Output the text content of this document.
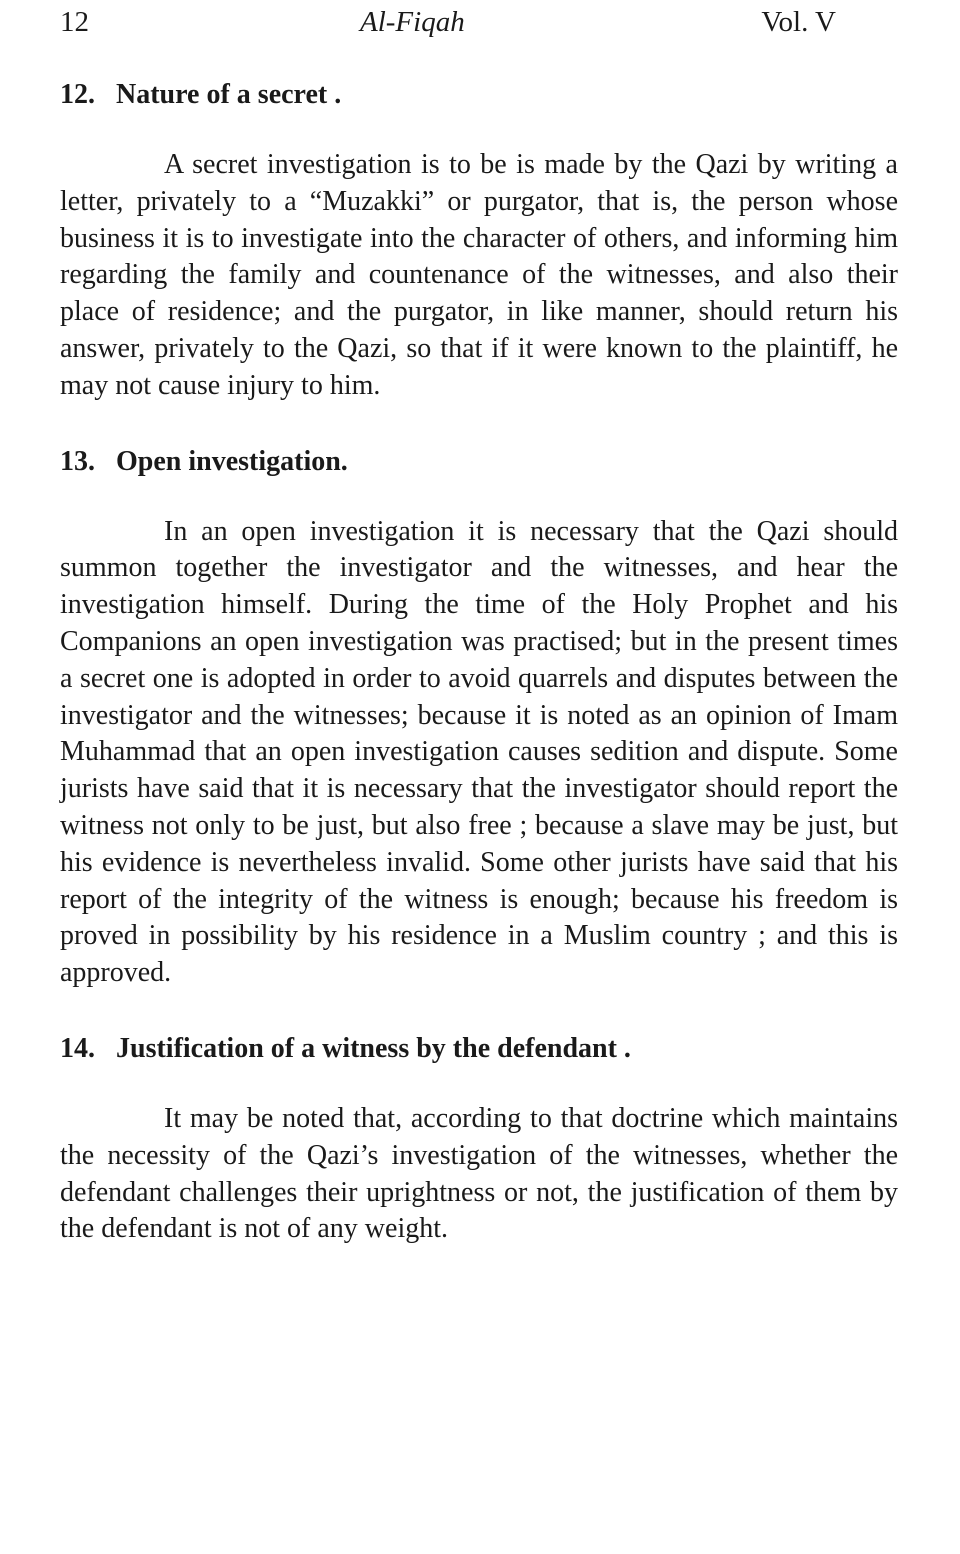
12	Al-Fiqah	Vol. V
12. Nature of a secret .

A secret investigation is to be is made by the Qazi by writing a letter, privately to a “Muzakki” or purgator, that is, the person whose business it is to investigate into the character of others, and informing him regarding the family and countenance of the witnesses, and also their place of residence; and the purgator, in like manner, should return his answer, privately to the Qazi, so that if it were known to the plaintiff, he may not cause injury to him.

13. Open investigation.

In an open investigation it is necessary that the Qazi should summon together the investigator and the witnesses, and hear the investigation himself. During the time of the Holy Prophet and his Companions an open investigation was practised; but in the present times a secret one is adopted in order to avoid quarrels and disputes between the investigator and the witnesses; because it is noted as an opinion of Imam Muhammad that an open investigation causes sedition and dispute. Some jurists have said that it is necessary that the investigator should report the witness not only to be just, but also free ; because a slave may be just, but his evidence is nevertheless invalid. Some other jurists have said that his report of the integrity of the witness is enough; because his freedom is proved in possibility by his residence in a Muslim country ; and this is approved.

14. Justification of a witness by the defendant .

It may be noted that, according to that doctrine which maintains the necessity of the Qazi’s investigation of the witnesses, whether the defendant challenges their uprightness or not, the justification of them by the defendant is not of any weight.
